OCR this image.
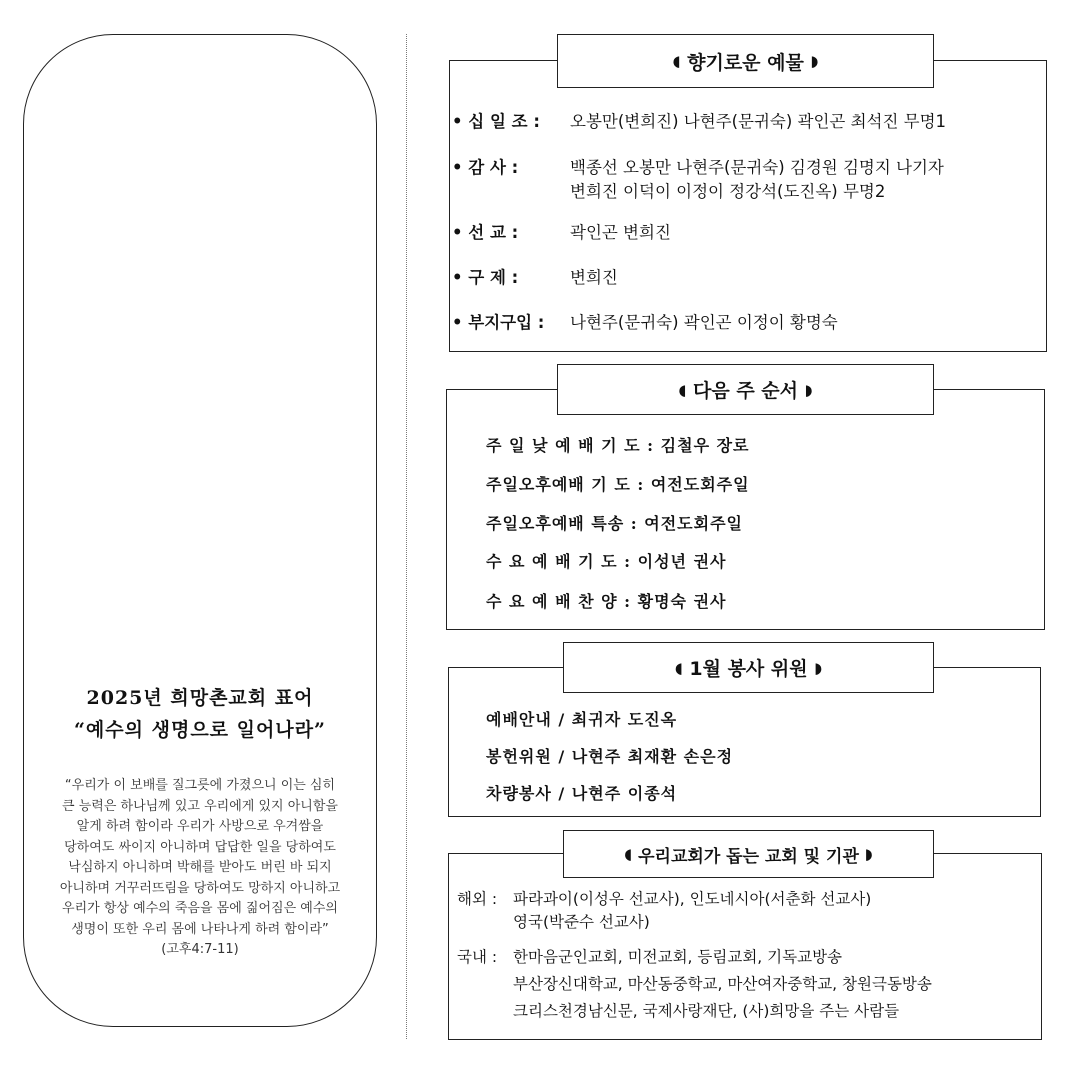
2025년 희망촌교회 표어
“예수의 생명으로 일어나라”
“우리가 이 보배를 질그릇에 가졌으니 이는 심히
큰 능력은 하나님께 있고 우리에게 있지 아니함을
알게 하려 함이라 우리가 사방으로 우겨쌈을
당하여도 싸이지 아니하며 답답한 일을 당하여도
낙심하지 아니하며 박해를 받아도 버린 바 되지
아니하며 거꾸러뜨림을 당하여도 망하지 아니하고
우리가 항상 예수의 죽음을 몸에 짊어짐은 예수의
생명이 또한 우리 몸에 나타나게 하려 함이라”
(고후4:7-11)
◖
향기로운 예물
◗
• 십 일 조 : 오봉만(변희진) 나현주(문귀숙) 곽인곤 최석진 무명1
• 감 사 :	백종선 오봉만 나현주(문귀숙) 김경원 김명지 나기자
변희진 이덕이 이정이 정강석(도진옥) 무명2
• 선 교 :	곽인곤 변희진
• 구 제 :	변희진
• 부지구입 : 나현주(문귀숙) 곽인곤 이정이 황명숙
◖
다음 주 순서
◗
주 일 낮 예 배 기 도 : 김철우 장로
주일오후예배 기 도 : 여전도회주일
주일오후예배 특송 : 여전도회주일
수 요 예 배 기 도 : 이성년 권사
수 요 예 배 찬 양 : 황명숙 권사
◖
1월 봉사 위원
◗
예배안내 / 최귀자 도진옥
봉헌위원 / 나현주 최재환 손은정
차량봉사 / 나현주 이종석
◖
우리교회가 돕는 교회 및 기관
◗
해외 : 파라과이(이성우 선교사), 인도네시아(서춘화 선교사)
영국(박준수 선교사)
국내 : 한마음군인교회, 미전교회, 등림교회, 기독교방송
부산장신대학교, 마산동중학교, 마산여자중학교, 창원극동방송
크리스천경남신문, 국제사랑재단, (사)희망을 주는 사람들
